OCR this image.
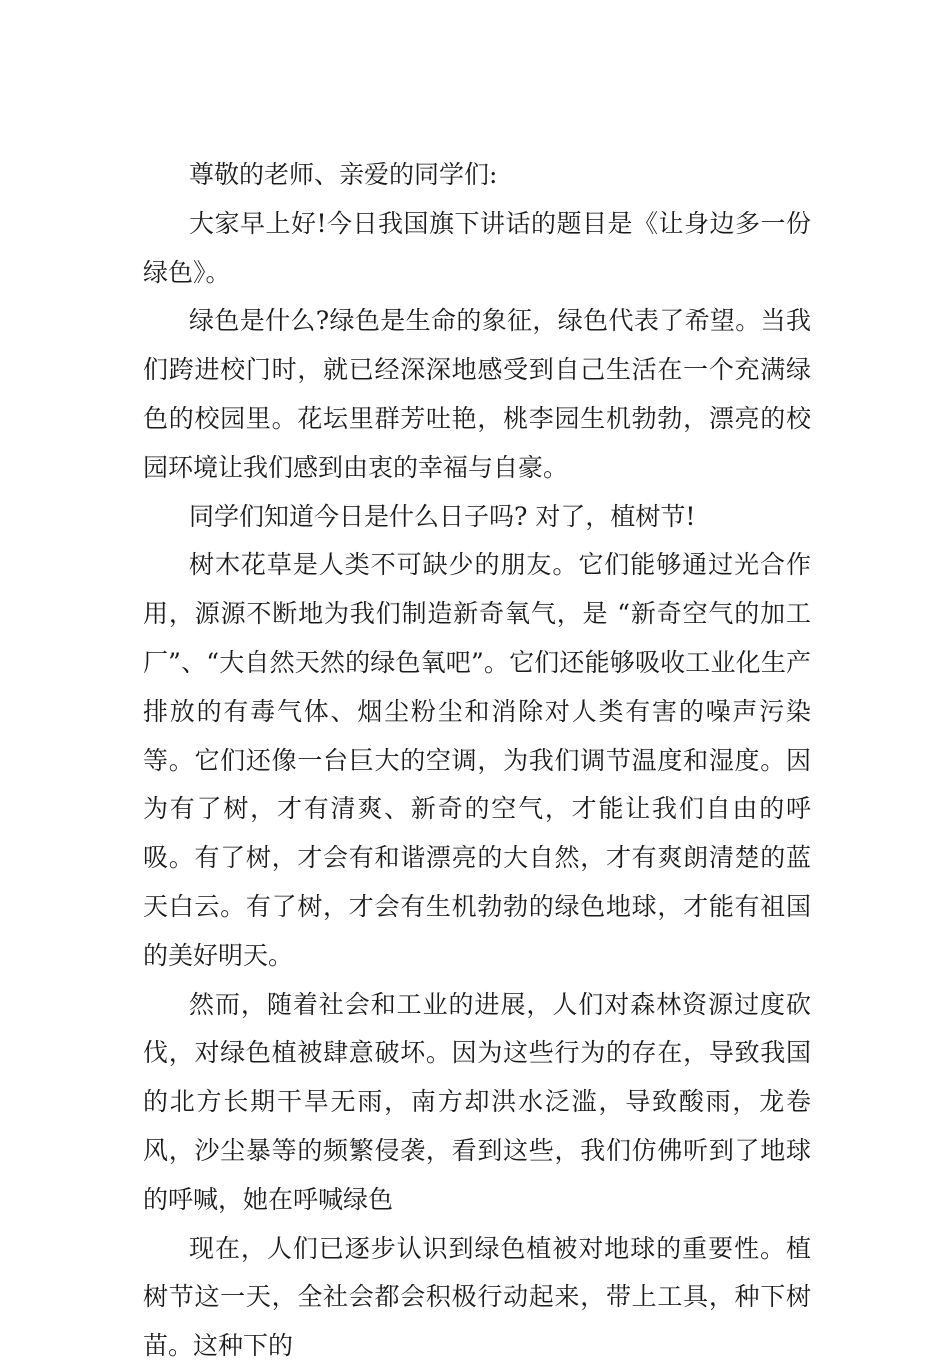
尊敬的老师、亲爱的同学们:

大家早上好!今日我国旗下讲话的题目是《让身边多一份绿色》。

绿色是什么?绿色是生命的象征，绿色代表了希望。当我们跨进校门时，就已经深深地感受到自己生活在一个充满绿色的校园里。花坛里群芳吐艳，桃李园生机勃勃，漂亮的校园环境让我们感到由衷的幸福与自豪。

同学们知道今日是什么日子吗? 对了，植树节!

树木花草是人类不可缺少的朋友。它们能够通过光合作用，源源不断地为我们制造新奇氧气，是 “新奇空气的加工厂”、“大自然天然的绿色氧吧”。它们还能够吸收工业化生产排放的有毒气体、烟尘粉尘和消除对人类有害的噪声污染等。它们还像一台巨大的空调，为我们调节温度和湿度。因为有了树，才有清爽、新奇的空气，才能让我们自由的呼吸。有了树，才会有和谐漂亮的大自然，才有爽朗清楚的蓝天白云。有了树，才会有生机勃勃的绿色地球，才能有祖国的美好明天。

然而，随着社会和工业的进展，人们对森林资源过度砍伐，对绿色植被肆意破坏。因为这些行为的存在，导致我国的北方长期干旱无雨，南方却洪水泛滥，导致酸雨，龙卷风，沙尘暴等的频繁侵袭，看到这些，我们仿佛听到了地球的呼喊，她在呼喊绿色

现在，人们已逐步认识到绿色植被对地球的重要性。植树节这一天，全社会都会积极行动起来，带上工具，种下树苗。这种下的
